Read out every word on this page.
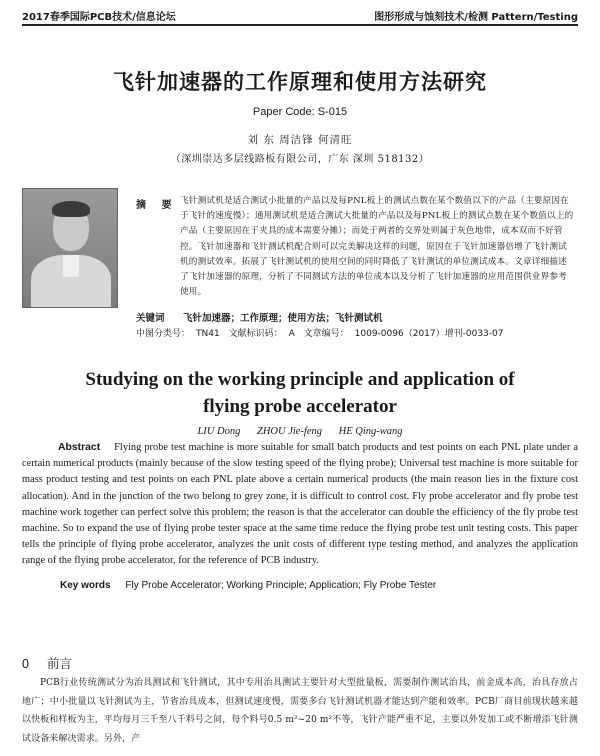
2017春季国际PCB技术/信息论坛	图形形成与蚀刻技术/检测 Pattern/Testing
飞针加速器的工作原理和使用方法研究
Paper Code: S-015
刘 东 周洁锋 何清旺
（深圳崇达多层线路板有限公司，广东 深圳 518132）
摘 要 飞针测试机是适合测试小批量的产品以及每PNL板上的测试点数在某个数值以下的产品（主要原因在于飞针的速度慢）；通用测试机是适合测试大批量的产品以及每PNL板上的测试点数在某个数值以上的产品（主要原因在于夹具的成本需要分摊）；而处于两者的交界处则属于灰色地带，成本双而不好管控。飞针加速器和飞针测试机配合则可以完美解决这样的问题，原因在于飞针加速器倍增了飞针测试机的测试效率。拓展了飞针测试机的使用空间的同时降低了飞针测试的单位测试成本。文章详细描述了飞针加速器的原理，分析了不同测试方法的单位成本以及分析了飞针加速器的应用范围供业界参考使用。
关键词 飞针加速器；工作原理；使用方法；飞针测试机
中图分类号： TN41 文献标识码： A 文章编号： 1009-0096（2017）增刊-0033-07
Studying on the working principle and application of
flying probe accelerator
LIU Dong ZHOU Jie-feng HE Qing-wang
Abstract Flying probe test machine is more suitable for small batch products and test points on each PNL plate under a certain numerical products (mainly because of the slow testing speed of the flying probe); Universal test machine is more suitable for mass product testing and test points on each PNL plate above a certain numerical products (the main reason lies in the fixture cost allocation). And in the junction of the two belong to grey zone, it is difficult to control cost. Fly probe accelerator and fly probe test machine work together can perfect solve this problem; the reason is that the accelerator can double the efficiency of the fly probe test machine. So to expand the use of flying probe tester space at the same time reduce the flying probe test unit testing costs. This paper tells the principle of flying probe accelerator, analyzes the unit costs of different type testing method, and analyzes the application range of the flying probe accelerator, for the reference of PCB industry.
Key words Fly Probe Accelerator; Working Principle; Application; Fly Probe Tester
0 前言
PCB行业传统测试分为治具测试和飞针测试，其中专用治具测试主要针对大型批量板，需要制作测试治具，前金成本高，治具存放占地广；中小批量以飞针测试为主，节省治具成本，但测试速度慢，需要多台飞针测试机器才能达到产能和效率。PCB厂商目前现状越来越以快板和样板为主，平均每月三千至八千料号之间，每个料号0.5 m²~20 m²不等，飞针产能严重不足，主要以外发加工或不断增添飞针测试设备来解决需求。另外，产
